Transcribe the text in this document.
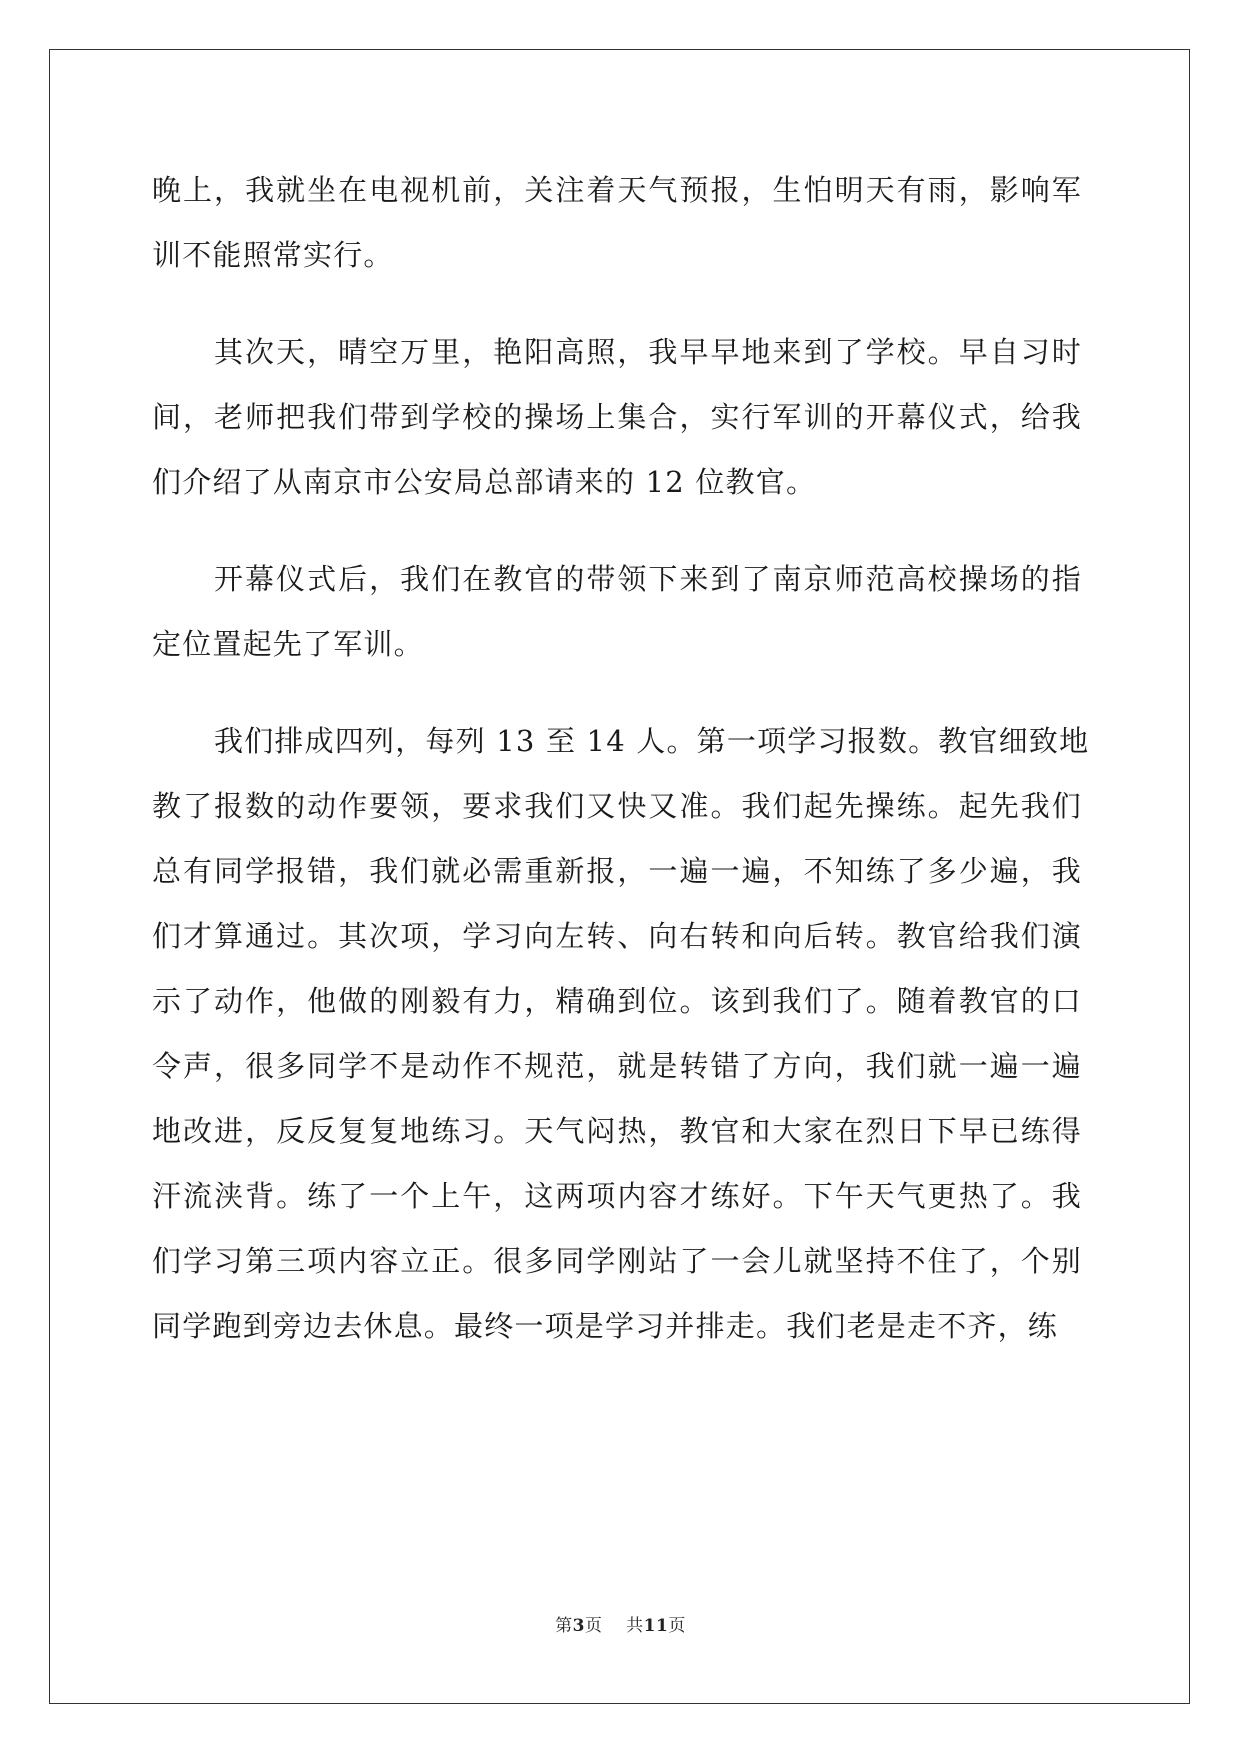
晚上，我就坐在电视机前，关注着天气预报，生怕明天有雨，影响军
训不能照常实行。
其次天，晴空万里，艳阳高照，我早早地来到了学校。早自习时
间，老师把我们带到学校的操场上集合，实行军训的开幕仪式，给我
们介绍了从南京市公安局总部请来的 12 位教官。
开幕仪式后，我们在教官的带领下来到了南京师范高校操场的指
定位置起先了军训。
我们排成四列，每列 13 至 14 人。第一项学习报数。教官细致地
教了报数的动作要领，要求我们又快又准。我们起先操练。起先我们
总有同学报错，我们就必需重新报，一遍一遍，不知练了多少遍，我
们才算通过。其次项，学习向左转、向右转和向后转。教官给我们演
示了动作，他做的刚毅有力，精确到位。该到我们了。随着教官的口
令声，很多同学不是动作不规范，就是转错了方向，我们就一遍一遍
地改进，反反复复地练习。天气闷热，教官和大家在烈日下早已练得
汗流浃背。练了一个上午，这两项内容才练好。下午天气更热了。我
们学习第三项内容立正。很多同学刚站了一会儿就坚持不住了，个别
同学跑到旁边去休息。最终一项是学习并排走。我们老是走不齐，练
第3页 共11页
